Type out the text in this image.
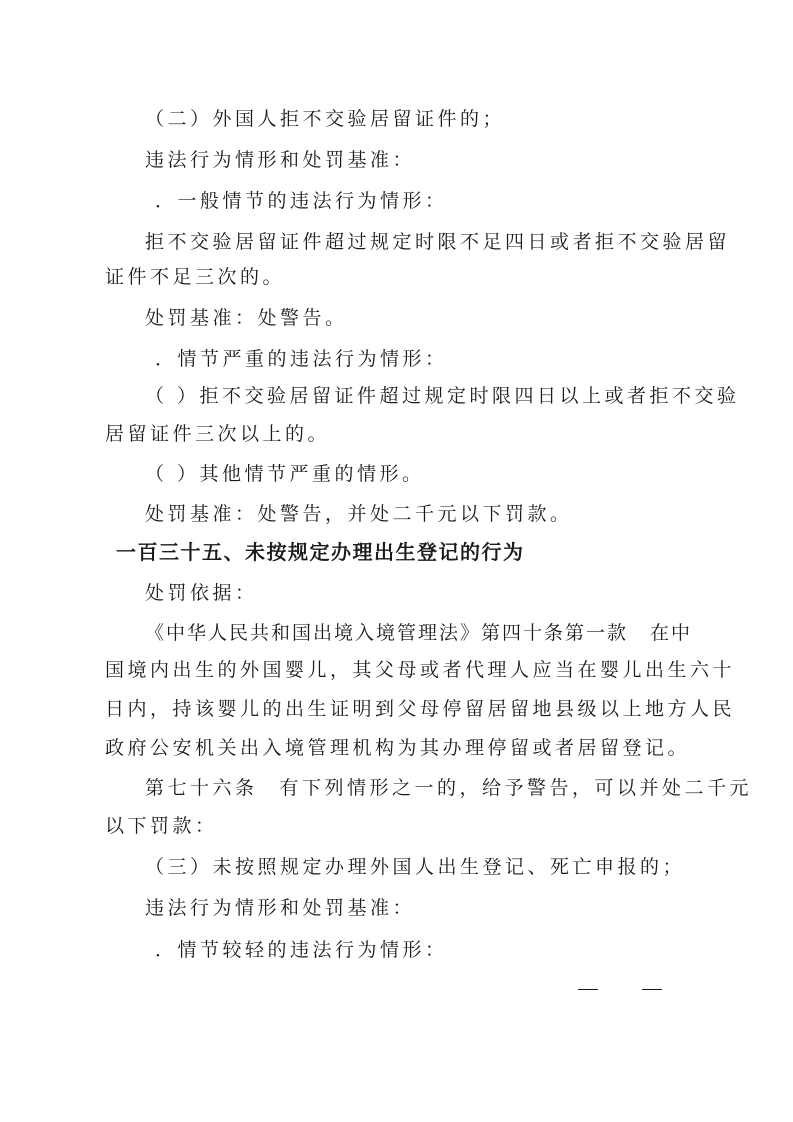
（二）外国人拒不交验居留证件的；
违法行为情形和处罚基准：
．一般情节的违法行为情形：
拒不交验居留证件超过规定时限不足四日或者拒不交验居留
证件不足三次的。
处罚基准：处警告。
．情节严重的违法行为情形：
（ ）拒不交验居留证件超过规定时限四日以上或者拒不交验
居留证件三次以上的。
（ ）其他情节严重的情形。
处罚基准：处警告，并处二千元以下罚款。
一百三十五、未按规定办理出生登记的行为
处罚依据：
《中华人民共和国出境入境管理法》第四十条第一款 在中
国境内出生的外国婴儿，其父母或者代理人应当在婴儿出生六十
日内，持该婴儿的出生证明到父母停留居留地县级以上地方人民
政府公安机关出入境管理机构为其办理停留或者居留登记。
第七十六条 有下列情形之一的，给予警告，可以并处二千元
以下罚款：
（三）未按照规定办理外国人出生登记、死亡申报的；
违法行为情形和处罚基准：
．情节较轻的违法行为情形：
